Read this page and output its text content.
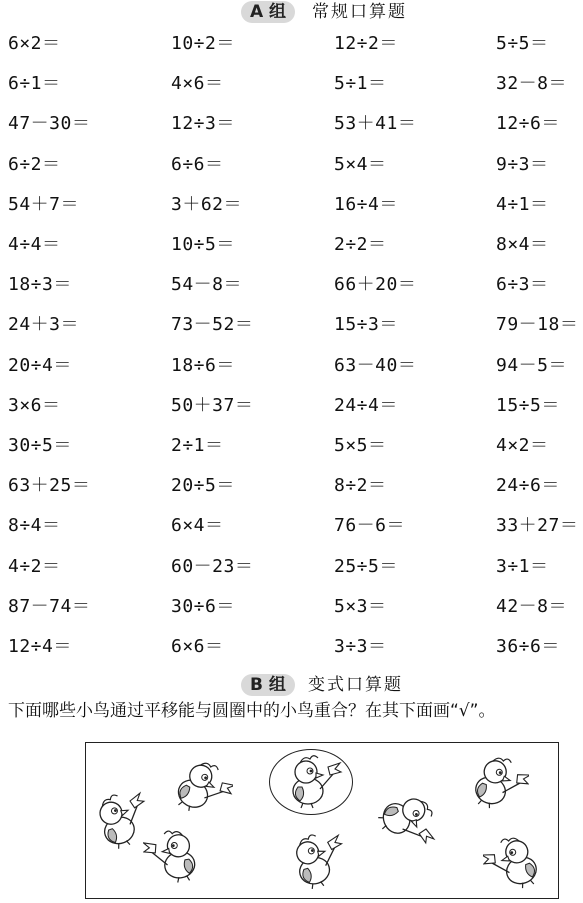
A 组	常规口算题
6×2＝	10÷2＝	12÷2＝	5÷5＝
6÷1＝	4×6＝	5÷1＝	32－8＝
47－30＝	12÷3＝	53＋41＝	12÷6＝
6÷2＝	6÷6＝	5×4＝	9÷3＝
54＋7＝	3＋62＝	16÷4＝	4÷1＝
4÷4＝	10÷5＝	2÷2＝	8×4＝
18÷3＝	54－8＝	66＋20＝	6÷3＝
24＋3＝	73－52＝	15÷3＝	79－18＝
20÷4＝	18÷6＝	63－40＝	94－5＝
3×6＝	50＋37＝	24÷4＝	15÷5＝
30÷5＝	2÷1＝	5×5＝	4×2＝
63＋25＝	20÷5＝	8÷2＝	24÷6＝
8÷4＝	6×4＝	76－6＝	33＋27＝
4÷2＝	60－23＝	25÷5＝	3÷1＝
87－74＝	30÷6＝	5×3＝	42－8＝
12÷4＝	6×6＝	3÷3＝	36÷6＝
B 组	变式口算题
下面哪些小鸟通过平移能与圆圈中的小鸟重合？在其下面画“√”。
